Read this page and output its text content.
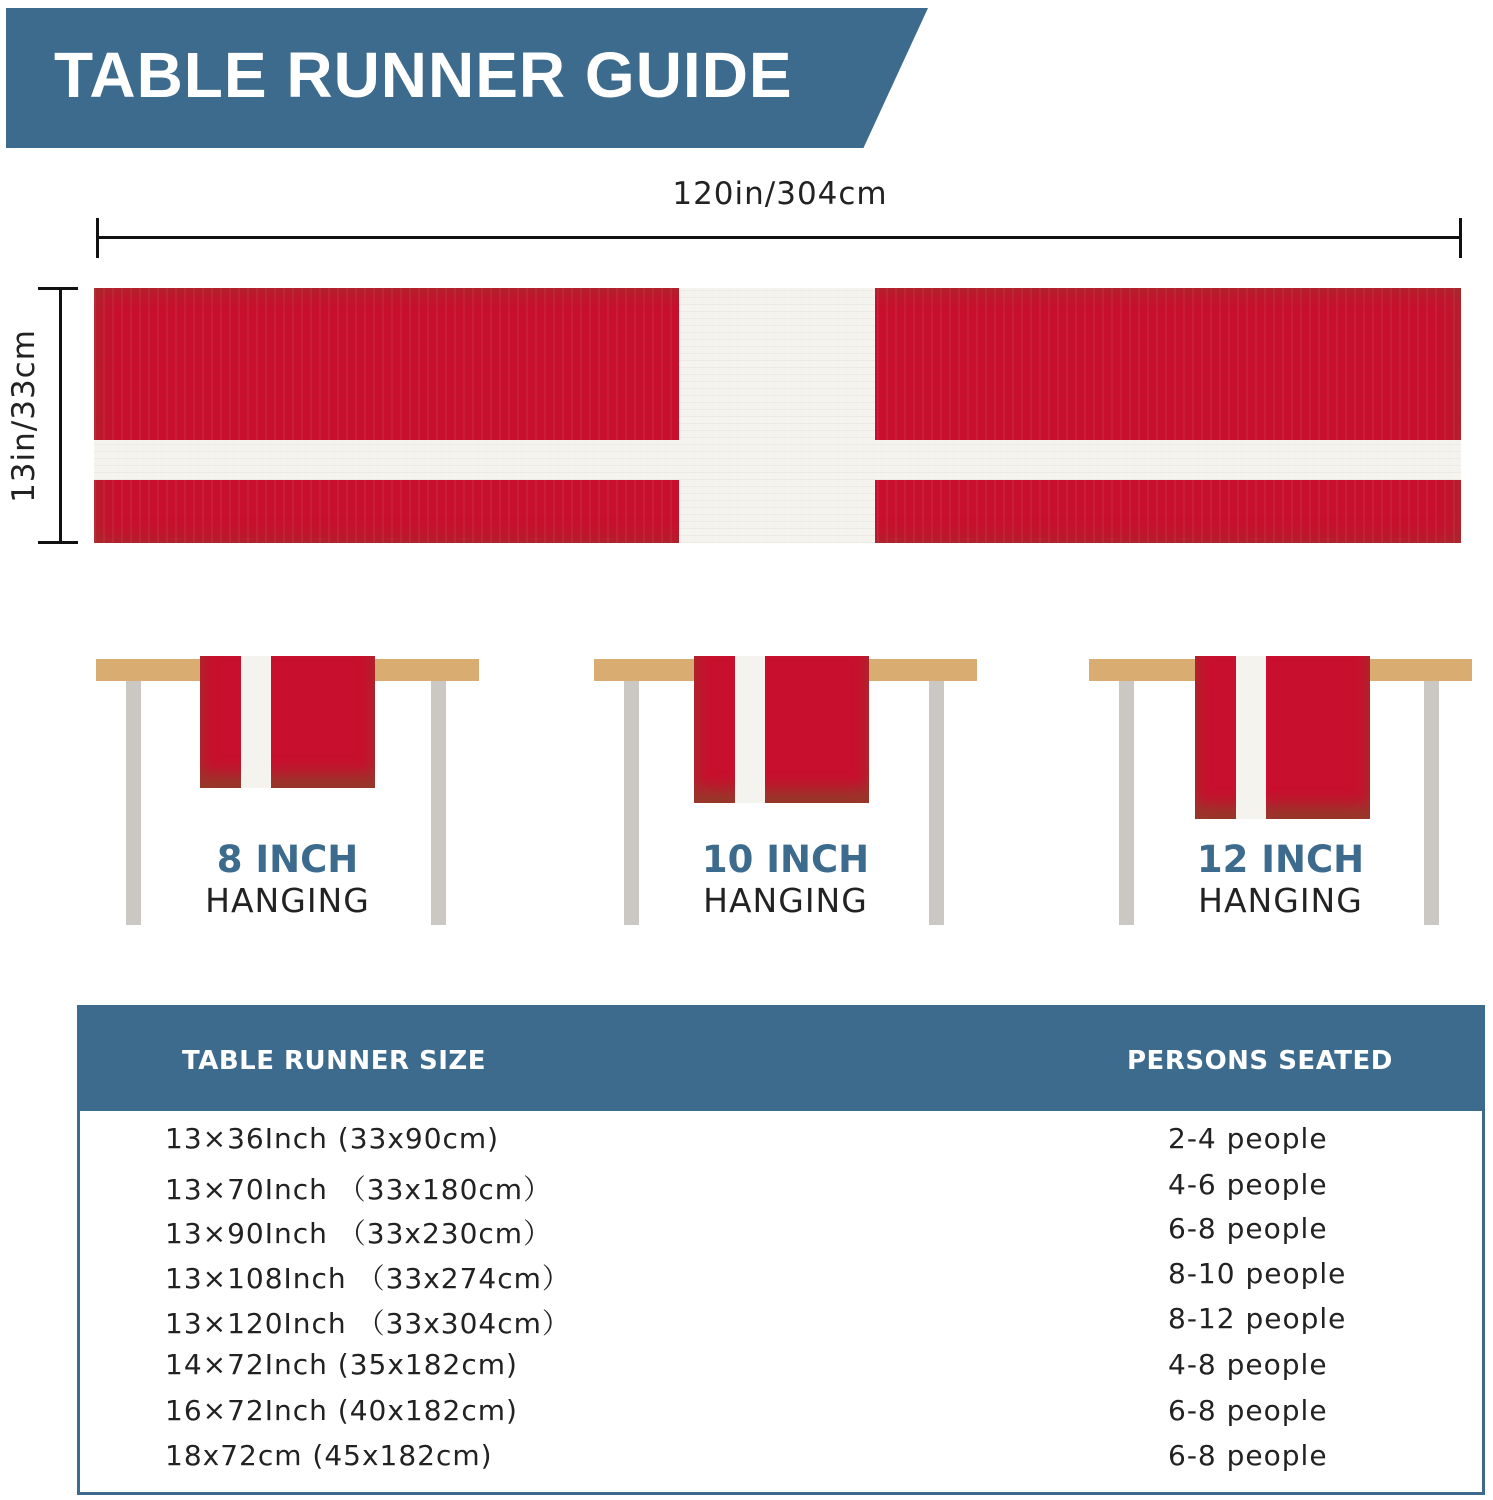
TABLE RUNNER GUIDE
120in/304cm
13in/33cm
8 INCH
HANGING
10 INCH
HANGING
12 INCH
HANGING
TABLE RUNNER SIZE	PERSONS SEATED
13×36Inch (33x90cm)	2-4 people
13×70Inch （33x180cm）	4-6 people
13×90Inch （33x230cm）	6-8 people
13×108Inch （33x274cm）	8-10 people
13×120Inch （33x304cm）	8-12 people
14×72Inch (35x182cm)	4-8 people
16×72Inch (40x182cm)	6-8 people
18x72cm (45x182cm)	6-8 people
